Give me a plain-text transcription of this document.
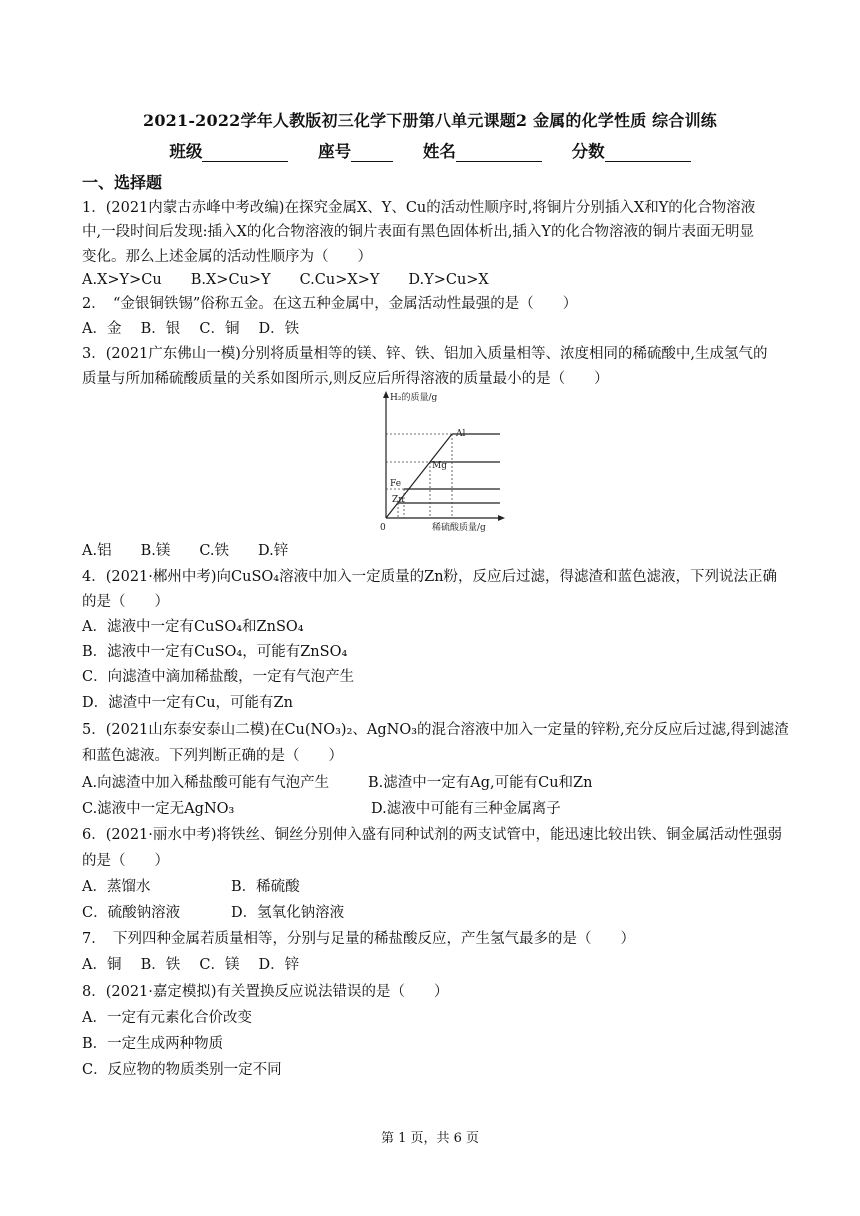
2021-2022学年人教版初三化学下册第八单元课题2 金属的化学性质 综合训练
班级	座号	姓名	分数
一、选择题
1．(2021内蒙古赤峰中考改编)在探究金属X、Y、Cu的活动性顺序时,将铜片分别插入X和Y的化合物溶液
中,一段时间后发现:插入X的化合物溶液的铜片表面有黑色固体析出,插入Y的化合物溶液的铜片表面无明显
变化。那么上述金属的活动性顺序为（　　）
A.X>Y>Cu　　B.X>Cu>Y　　C.Cu>X>Y　　D.Y>Cu>X
2．　“金银铜铁锡”俗称五金。在这五种金属中，金属活动性最强的是（　　）
A．金　 B．银　 C．铜　 D．铁
3．(2021广东佛山一模)分别将质量相等的镁、锌、铁、铝加入质量相等、浓度相同的稀硫酸中,生成氢气的
质量与所加稀硫酸质量的关系如图所示,则反应后所得溶液的质量最小的是（　　）
H₂的质量/g
稀硫酸质量/g
0
Al
Mg
Fe
Zn
A.铝　　B.镁　　C.铁　　D.锌
4．(2021·郴州中考)向CuSO₄溶液中加入一定质量的Zn粉，反应后过滤，得滤渣和蓝色滤液，下列说法正确
的是（　　）
A．滤液中一定有CuSO₄和ZnSO₄
B．滤液中一定有CuSO₄，可能有ZnSO₄
C．向滤渣中滴加稀盐酸，一定有气泡产生
D．滤渣中一定有Cu，可能有Zn
5．(2021山东泰安泰山二模)在Cu(NO₃)₂、AgNO₃的混合溶液中加入一定量的锌粉,充分反应后过滤,得到滤渣
和蓝色滤液。下列判断正确的是（　　）
A.向滤渣中加入稀盐酸可能有气泡产生	B.滤渣中一定有Ag,可能有Cu和Zn
C.滤液中一定无AgNO₃	D.滤液中可能有三种金属离子
6．(2021·丽水中考)将铁丝、铜丝分别伸入盛有同种试剂的两支试管中，能迅速比较出铁、铜金属活动性强弱
的是（　　）
A．蒸馏水	B．稀硫酸
C．硫酸钠溶液	D．氢氧化钠溶液
7．　下列四种金属若质量相等，分别与足量的稀盐酸反应，产生氢气最多的是（　　）
A．铜　 B．铁　 C．镁　 D．锌
8．(2021·嘉定模拟)有关置换反应说法错误的是（　　）
A．一定有元素化合价改变
B．一定生成两种物质
C．反应物的物质类别一定不同
第 1 页，共 6 页
